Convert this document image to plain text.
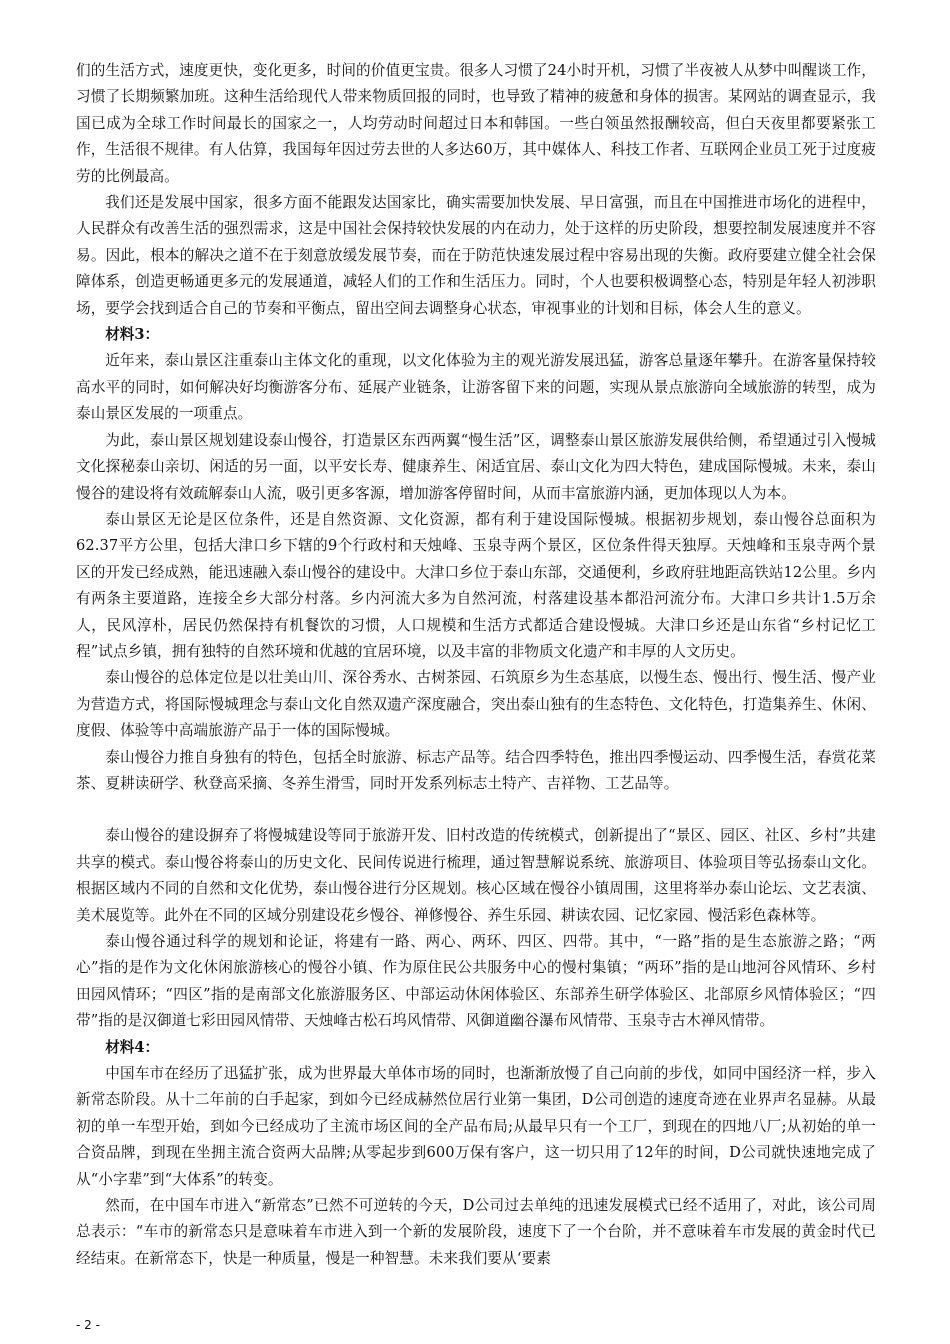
们的生活方式，速度更快，变化更多，时间的价值更宝贵。很多人习惯了24小时开机，习惯了半夜被人从梦中叫醒谈工作，习惯了长期频繁加班。这种生活给现代人带来物质回报的同时，也导致了精神的疲惫和身体的损害。某网站的调查显示，我国已成为全球工作时间最长的国家之一，人均劳动时间超过日本和韩国。一些白领虽然报酬较高，但白天夜里都要紧张工作，生活很不规律。有人估算，我国每年因过劳去世的人多达60万，其中媒体人、科技工作者、互联网企业员工死于过度疲劳的比例最高。

我们还是发展中国家，很多方面不能跟发达国家比，确实需要加快发展、早日富强，而且在中国推进市场化的进程中，人民群众有改善生活的强烈需求，这是中国社会保持较快发展的内在动力，处于这样的历史阶段，想要控制发展速度并不容易。因此，根本的解决之道不在于刻意放缓发展节奏，而在于防范快速发展过程中容易出现的失衡。政府要建立健全社会保障体系，创造更畅通更多元的发展通道，减轻人们的工作和生活压力。同时，个人也要积极调整心态，特别是年轻人初涉职场，要学会找到适合自己的节奏和平衡点，留出空间去调整身心状态，审视事业的计划和目标，体会人生的意义。

材料3：

近年来，泰山景区注重泰山主体文化的重现，以文化体验为主的观光游发展迅猛，游客总量逐年攀升。在游客量保持较高水平的同时，如何解决好均衡游客分布、延展产业链条，让游客留下来的问题，实现从景点旅游向全域旅游的转型，成为泰山景区发展的一项重点。

为此，泰山景区规划建设泰山慢谷，打造景区东西两翼“慢生活”区，调整泰山景区旅游发展供给侧，希望通过引入慢城文化探秘泰山亲切、闲适的另一面，以平安长寿、健康养生、闲适宜居、泰山文化为四大特色，建成国际慢城。未来，泰山慢谷的建设将有效疏解泰山人流，吸引更多客源，增加游客停留时间，从而丰富旅游内涵，更加体现以人为本。

泰山景区无论是区位条件，还是自然资源、文化资源，都有利于建设国际慢城。根据初步规划，泰山慢谷总面积为62.37平方公里，包括大津口乡下辖的9个行政村和天烛峰、玉泉寺两个景区，区位条件得天独厚。天烛峰和玉泉寺两个景区的开发已经成熟，能迅速融入泰山慢谷的建设中。大津口乡位于泰山东部，交通便利，乡政府驻地距高铁站12公里。乡内有两条主要道路，连接全乡大部分村落。乡内河流大多为自然河流，村落建设基本都沿河流分布。大津口乡共计1.5万余人，民风淳朴，居民仍然保持有机餐饮的习惯，人口规模和生活方式都适合建设慢城。大津口乡还是山东省“乡村记忆工程”试点乡镇，拥有独特的自然环境和优越的宜居环境，以及丰富的非物质文化遗产和丰厚的人文历史。

泰山慢谷的总体定位是以壮美山川、深谷秀水、古树茶园、石筑原乡为生态基底，以慢生态、慢出行、慢生活、慢产业为营造方式，将国际慢城理念与泰山文化自然双遗产深度融合，突出泰山独有的生态特色、文化特色，打造集养生、休闲、度假、体验等中高端旅游产品于一体的国际慢城。

泰山慢谷力推自身独有的特色，包括全时旅游、标志产品等。结合四季特色，推出四季慢运动、四季慢生活，春赏花菜茶、夏耕读研学、秋登高采摘、冬养生滑雪，同时开发系列标志土特产、吉祥物、工艺品等。

泰山慢谷的建设摒弃了将慢城建设等同于旅游开发、旧村改造的传统模式，创新提出了“景区、园区、社区、乡村”共建共享的模式。泰山慢谷将泰山的历史文化、民间传说进行梳理，通过智慧解说系统、旅游项目、体验项目等弘扬泰山文化。根据区域内不同的自然和文化优势，泰山慢谷进行分区规划。核心区域在慢谷小镇周围，这里将举办泰山论坛、文艺表演、美术展览等。此外在不同的区域分别建设花乡慢谷、禅修慢谷、养生乐园、耕读农园、记忆家园、慢活彩色森林等。

泰山慢谷通过科学的规划和论证，将建有一路、两心、两环、四区、四带。其中，“一路”指的是生态旅游之路；“两心”指的是作为文化休闲旅游核心的慢谷小镇、作为原住民公共服务中心的慢村集镇；“两环”指的是山地河谷风情环、乡村田园风情环；“四区”指的是南部文化旅游服务区、中部运动休闲体验区、东部养生研学体验区、北部原乡风情体验区；“四带”指的是汉御道七彩田园风情带、天烛峰古松石坞风情带、风御道幽谷瀑布风情带、玉泉寺古木禅风情带。

材料4：

中国车市在经历了迅猛扩张，成为世界最大单体市场的同时，也渐渐放慢了自己向前的步伐，如同中国经济一样，步入新常态阶段。从十二年前的白手起家，到如今已经成赫然位居行业第一集团，D公司创造的速度奇迹在业界声名显赫。从最初的单一车型开始，到如今已经成功了主流市场区间的全产品布局;从最早只有一个工厂，到现在的四地八厂;从初始的单一合资品牌，到现在坐拥主流合资两大品牌;从零起步到600万保有客户，这一切只用了12年的时间，D公司就快速地完成了从“小字辈”到“大体系”的转变。

然而，在中国车市进入“新常态”已然不可逆转的今天，D公司过去单纯的迅速发展模式已经不适用了，对此，该公司周总表示：“车市的新常态只是意味着车市进入到一个新的发展阶段，速度下了一个台阶，并不意味着车市发展的黄金时代已经结束。在新常态下，快是一种质量，慢是一种智慧。未来我们要从‘要素

- 2 -
